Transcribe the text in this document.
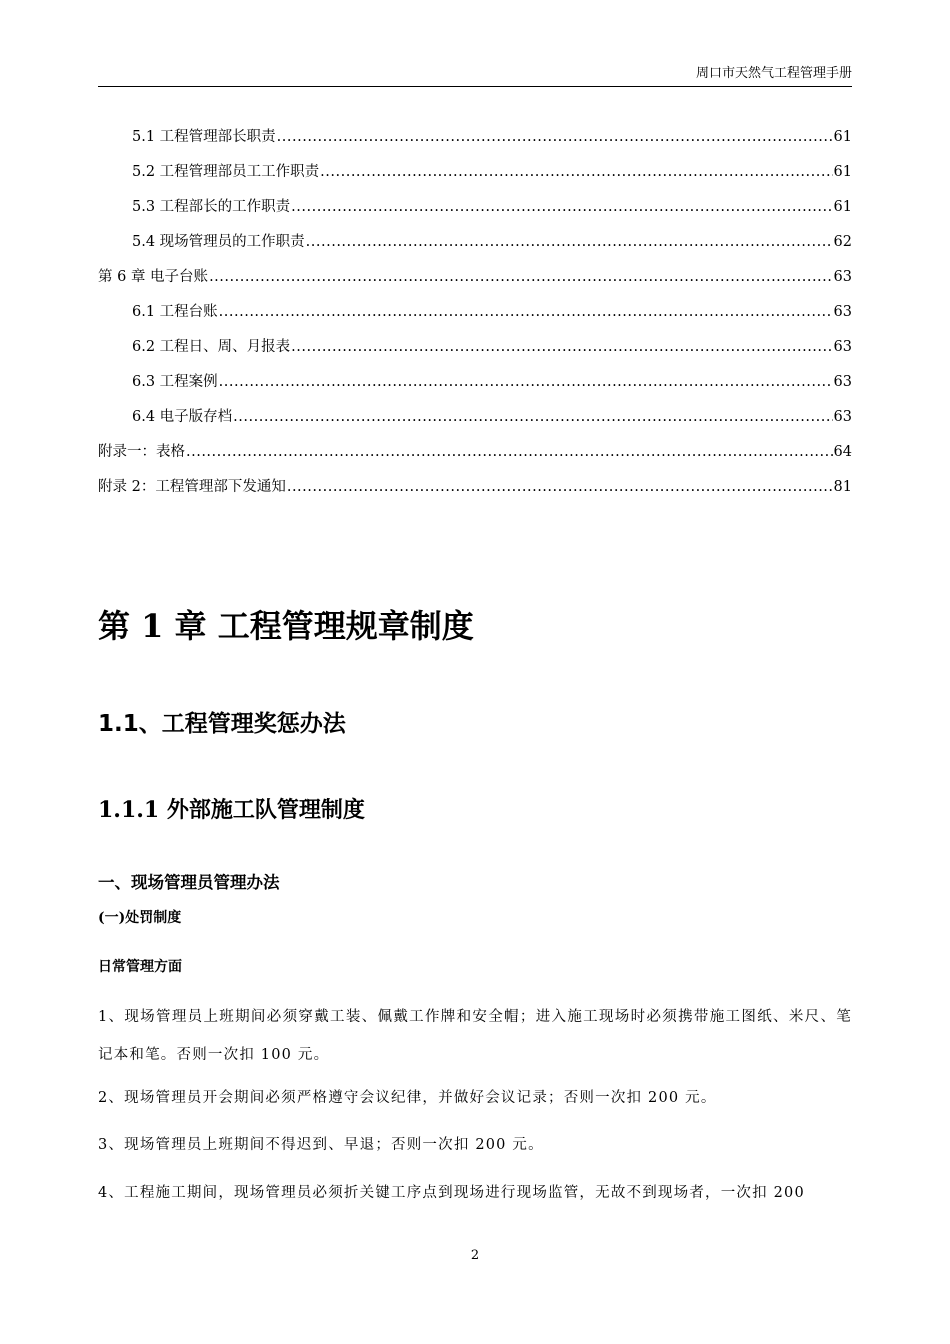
周口市天然气工程管理手册
5.1 工程管理部长职责 .....	61
5.2 工程管理部员工工作职责 .....	61
5.3 工程部长的工作职责 .....	61
5.4 现场管理员的工作职责 .....	62
第 6 章 电子台账 .....	63
6.1 工程台账 .....	63
6.2 工程日、周、月报表 .....	63
6.3 工程案例 .....	63
6.4 电子版存档 .....	63
附录一：表格 .....	64
附录 2：工程管理部下发通知 .....	81
第 1 章 工程管理规章制度
1.1、工程管理奖惩办法
1.1.1 外部施工队管理制度
一、现场管理员管理办法
(一)处罚制度
日常管理方面
1、现场管理员上班期间必须穿戴工装、佩戴工作牌和安全帽；进入施工现场时必须携带施工图纸、米尺、笔记本和笔。否则一次扣 100 元。
2、现场管理员开会期间必须严格遵守会议纪律，并做好会议记录；否则一次扣 200 元。
3、现场管理员上班期间不得迟到、早退；否则一次扣 200 元。
4、工程施工期间，现场管理员必须折关键工序点到现场进行现场监管，无故不到现场者，一次扣 200
2
